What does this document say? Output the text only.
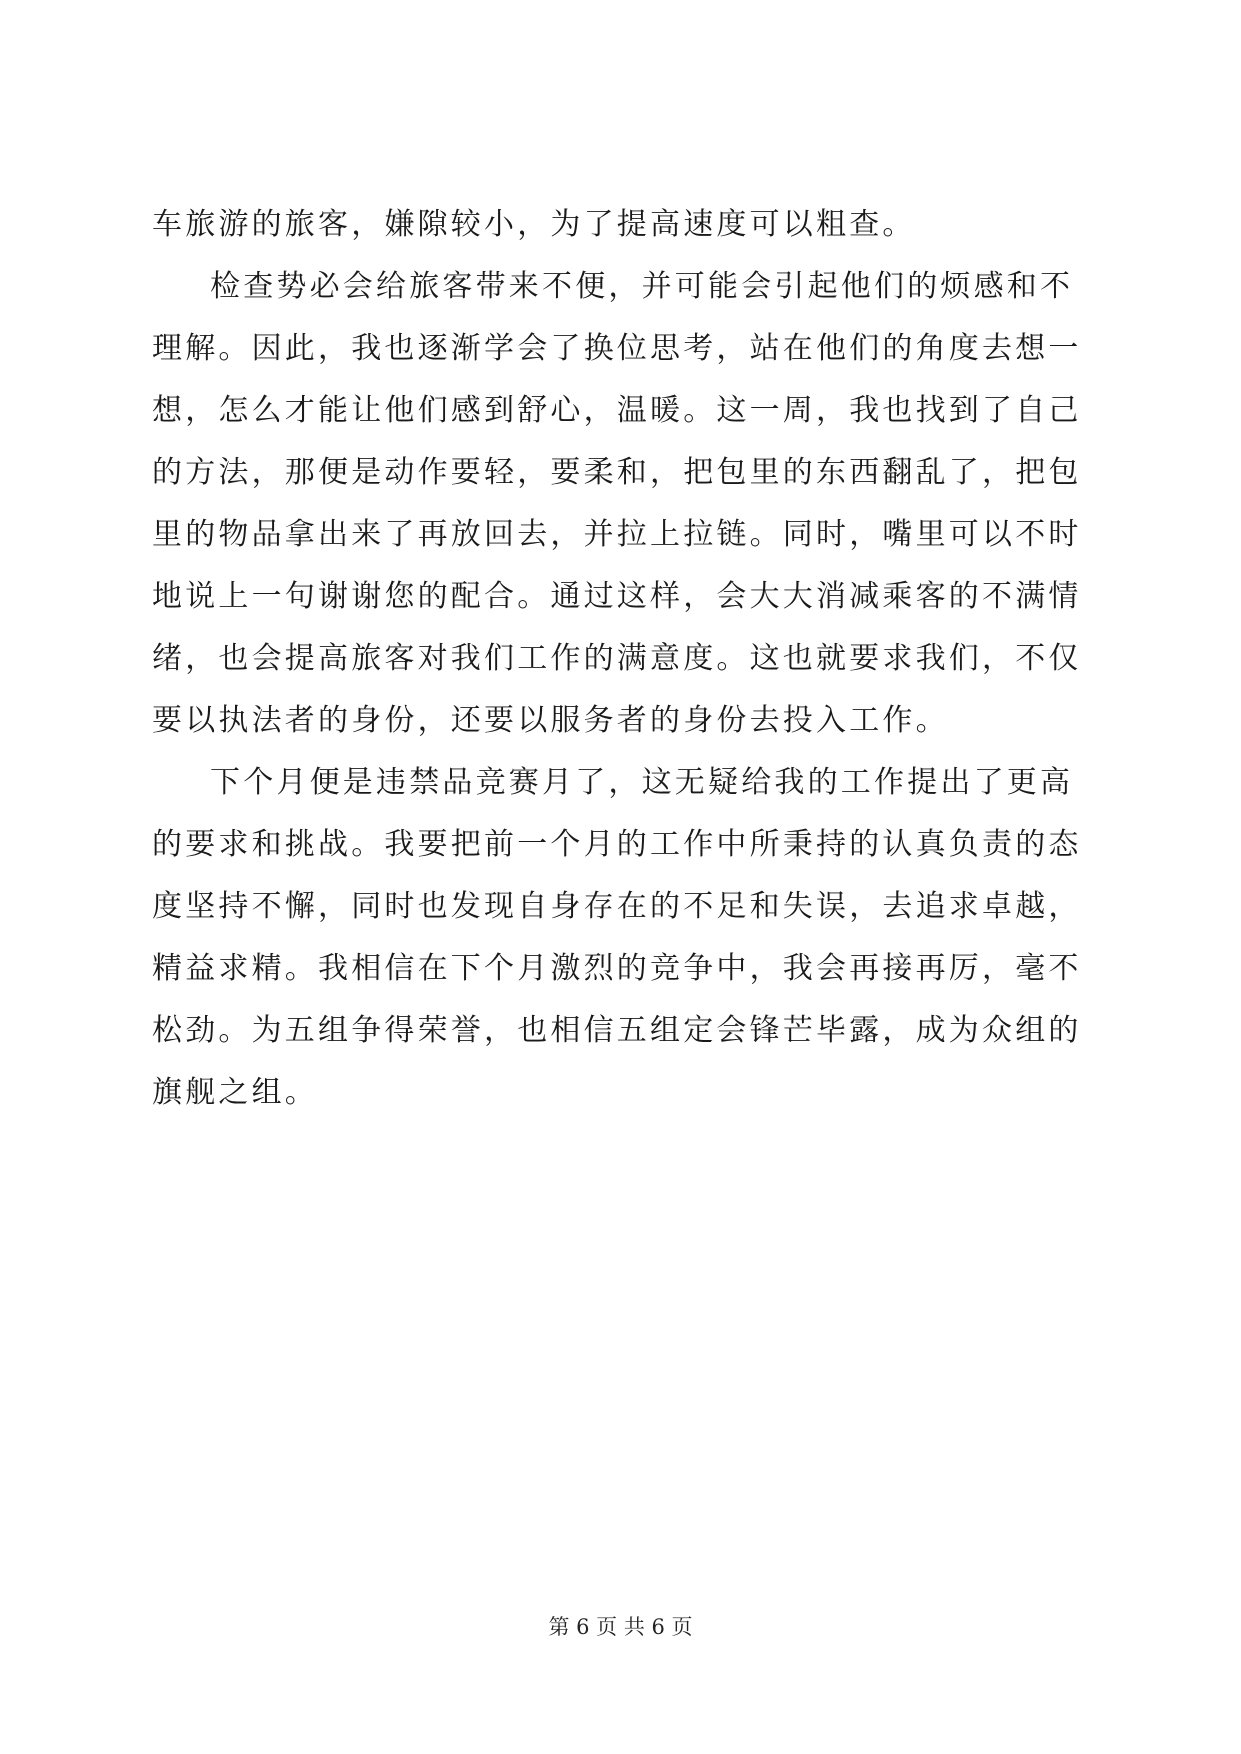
车旅游的旅客，嫌隙较小，为了提高速度可以粗查。
检查势必会给旅客带来不便，并可能会引起他们的烦感和不
理解。因此，我也逐渐学会了换位思考，站在他们的角度去想一
想，怎么才能让他们感到舒心，温暖。这一周，我也找到了自己
的方法，那便是动作要轻，要柔和，把包里的东西翻乱了，把包
里的物品拿出来了再放回去，并拉上拉链。同时，嘴里可以不时
地说上一句谢谢您的配合。通过这样，会大大消减乘客的不满情
绪，也会提高旅客对我们工作的满意度。这也就要求我们，不仅
要以执法者的身份，还要以服务者的身份去投入工作。
下个月便是违禁品竞赛月了，这无疑给我的工作提出了更高
的要求和挑战。我要把前一个月的工作中所秉持的认真负责的态
度坚持不懈，同时也发现自身存在的不足和失误，去追求卓越，
精益求精。我相信在下个月激烈的竞争中，我会再接再厉，毫不
松劲。为五组争得荣誉，也相信五组定会锋芒毕露，成为众组的
旗舰之组。
第 6 页 共 6 页
